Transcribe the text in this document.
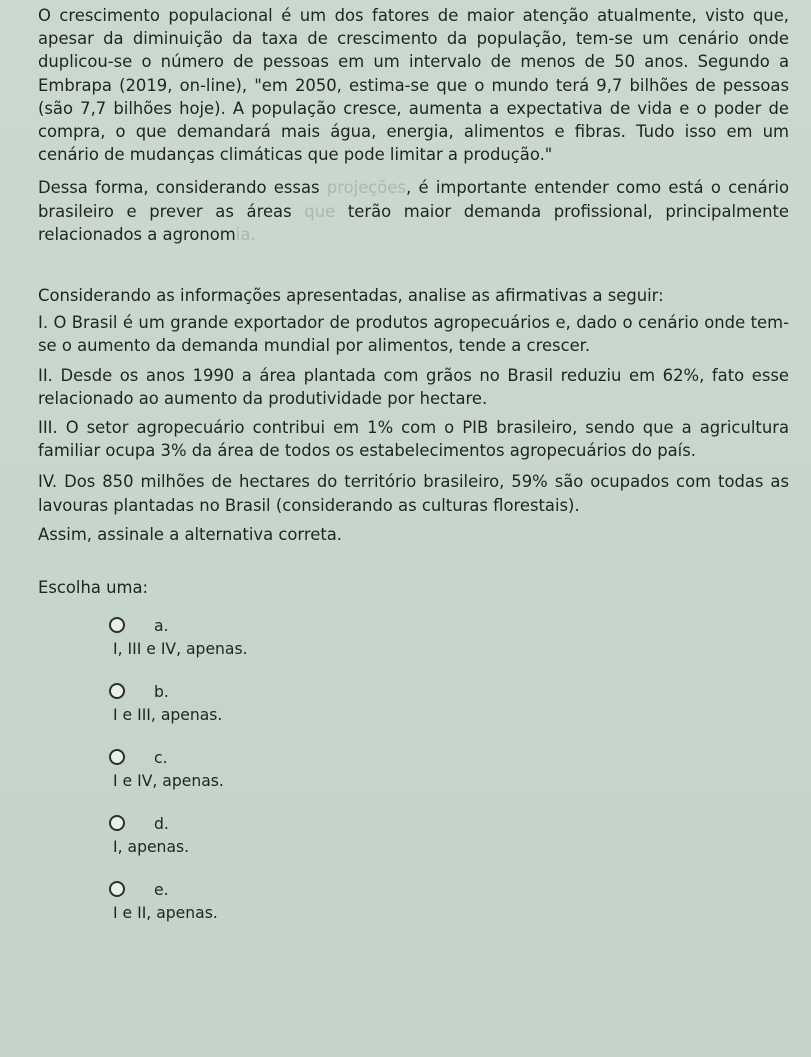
O crescimento populacional é um dos fatores de maior atenção atualmente, visto que, apesar da diminuição da taxa de crescimento da população, tem-se um cenário onde duplicou-se o número de pessoas em um intervalo de menos de 50 anos. Segundo a Embrapa (2019, on-line), "em 2050, estima-se que o mundo terá 9,7 bilhões de pessoas (são 7,7 bilhões hoje). A população cresce, aumenta a expectativa de vida e o poder de compra, o que demandará mais água, energia, alimentos e fibras. Tudo isso em um cenário de mudanças climáticas que pode limitar a produção."

Dessa forma, considerando essas projeções, é importante entender como está o cenário brasileiro e prever as áreas que terão maior demanda profissional, principalmente relacionados a agronomia.

Considerando as informações apresentadas, analise as afirmativas a seguir:

I. O Brasil é um grande exportador de produtos agropecuários e, dado o cenário onde tem-se o aumento da demanda mundial por alimentos, tende a crescer.

II. Desde os anos 1990 a área plantada com grãos no Brasil reduziu em 62%, fato esse relacionado ao aumento da produtividade por hectare.

III. O setor agropecuário contribui em 1% com o PIB brasileiro, sendo que a agricultura familiar ocupa 3% da área de todos os estabelecimentos agropecuários do país.

IV. Dos 850 milhões de hectares do território brasileiro, 59% são ocupados com todas as lavouras plantadas no Brasil (considerando as culturas florestais).

Assim, assinale a alternativa correta.

Escolha uma:
a.
I, III e IV, apenas.
b.
I e III, apenas.
c.
I e IV, apenas.
d.
I, apenas.
e.
I e II, apenas.
